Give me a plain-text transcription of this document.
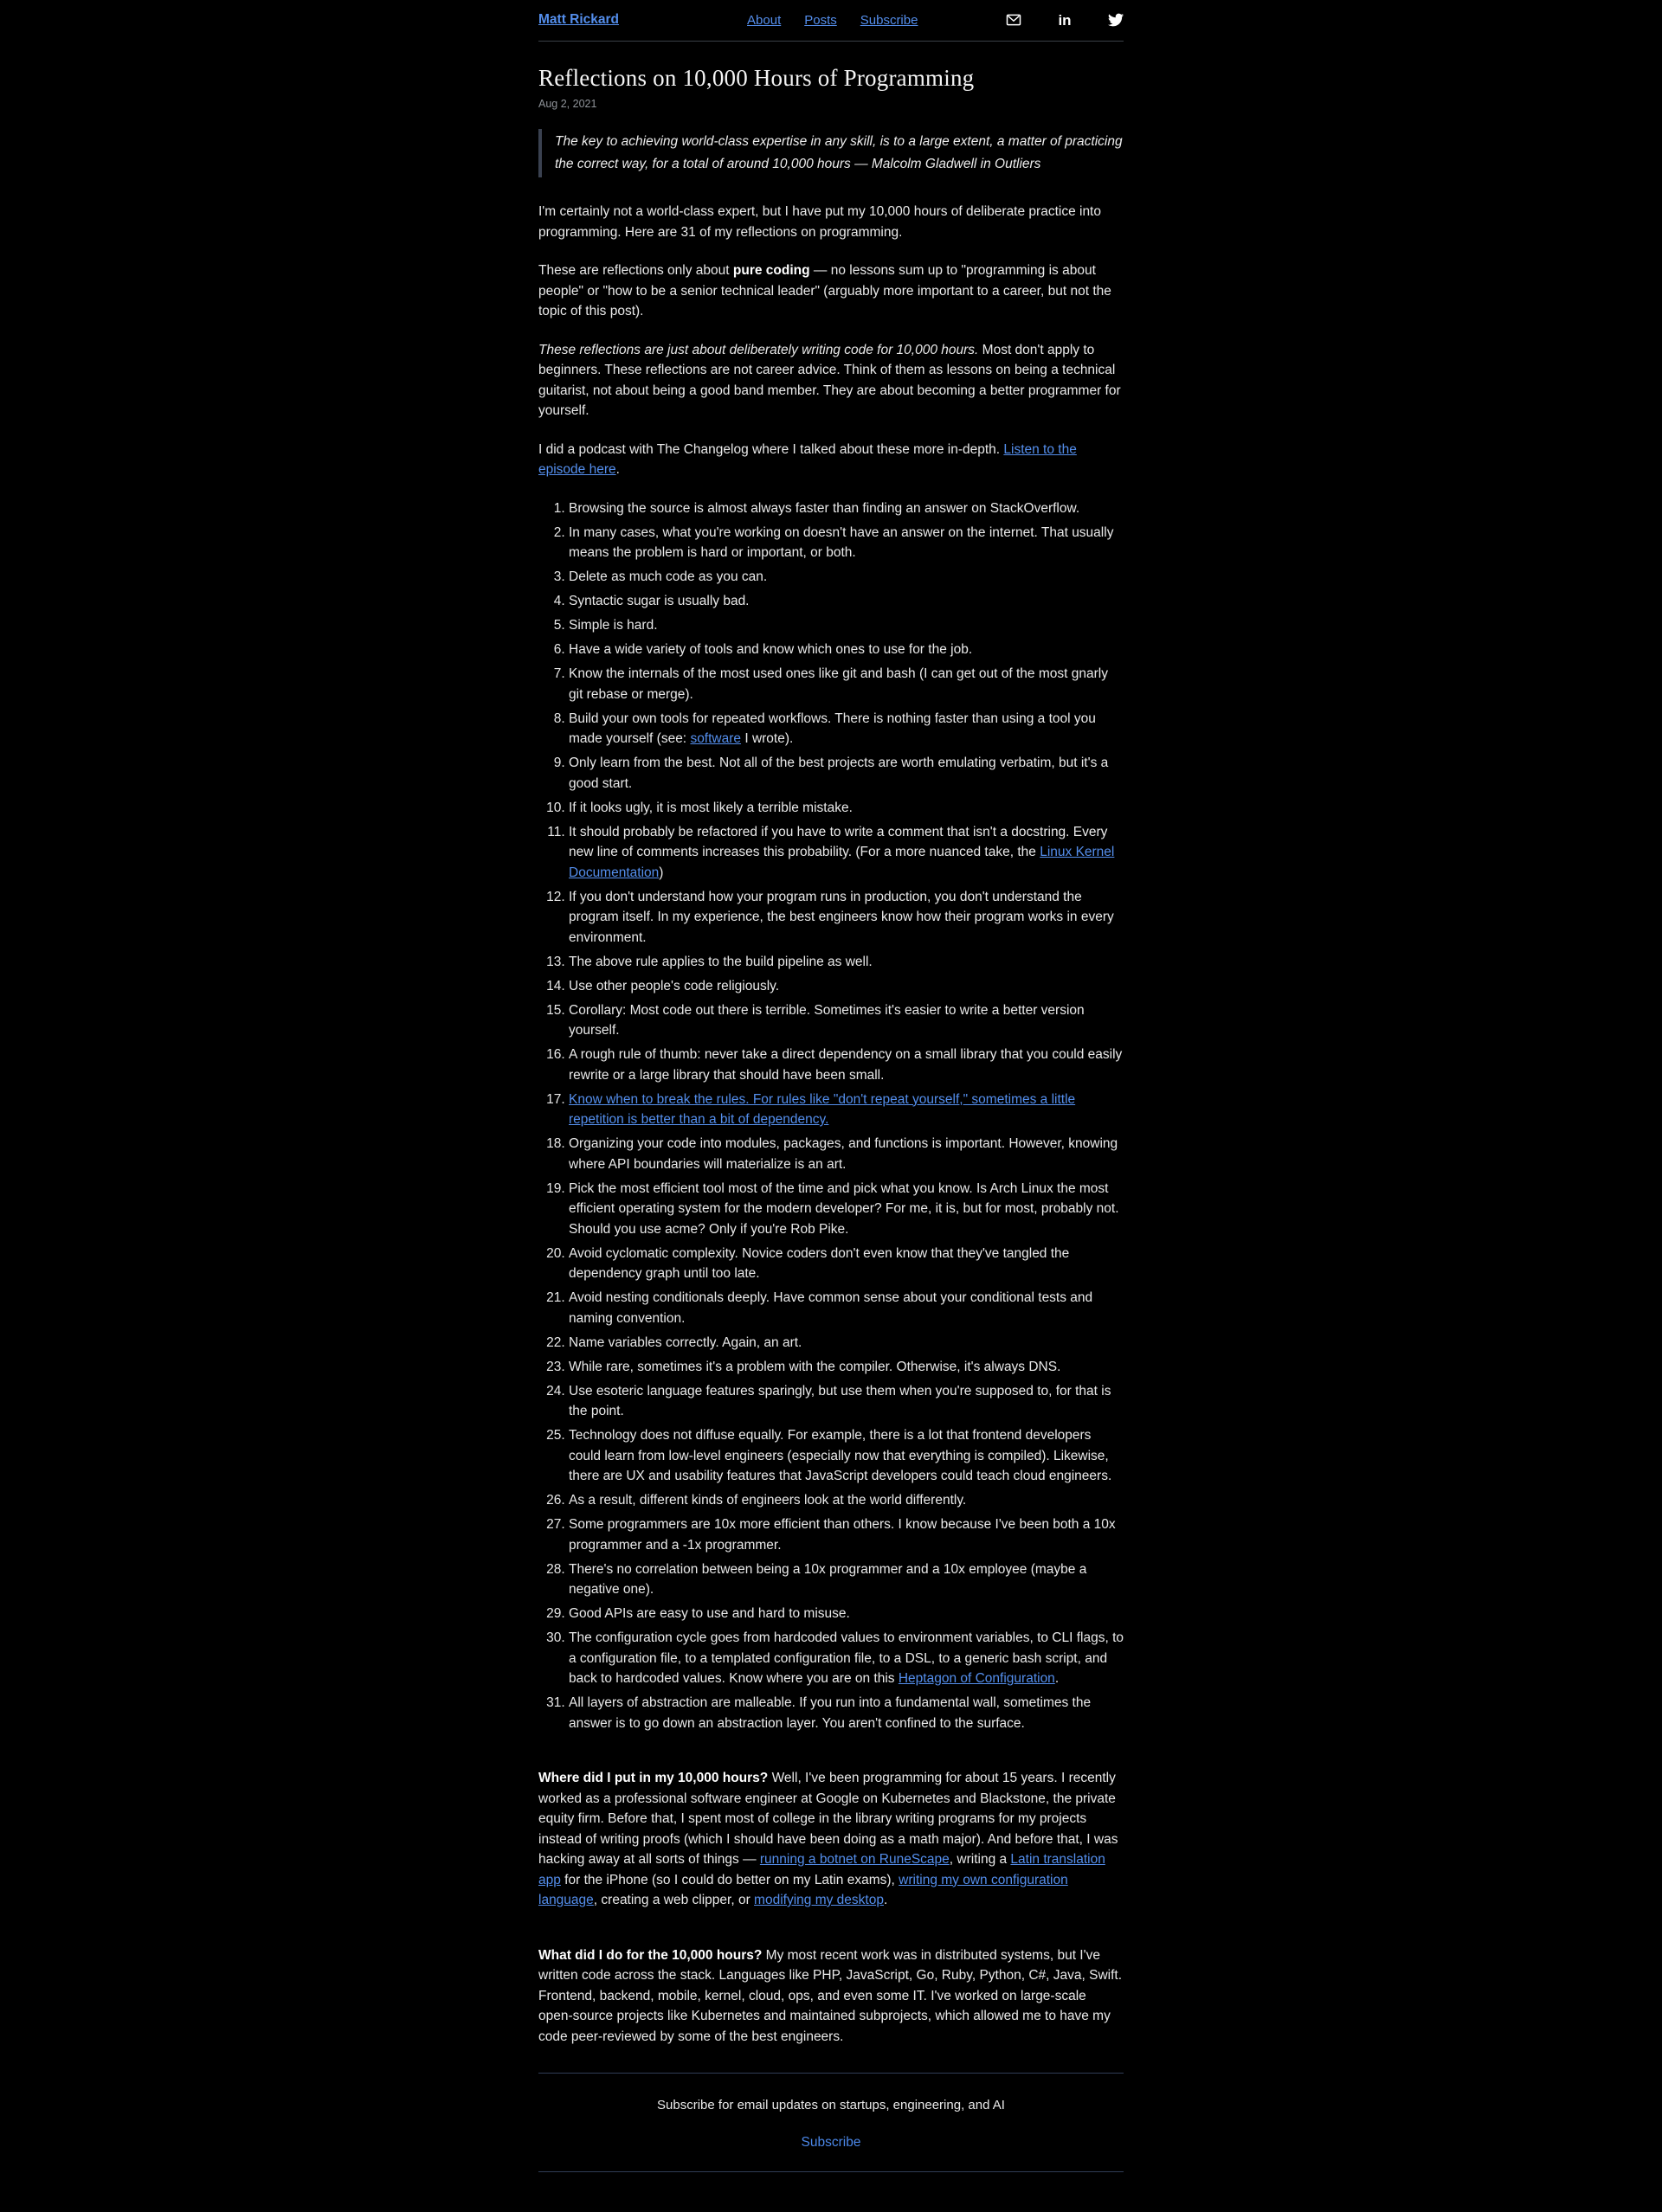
Matt Rickard	About Posts Subscribe	in
Reflections on 10,000 Hours of Programming
Aug 2, 2021
The key to achieving world-class expertise in any skill, is to a large extent, a matter of practicing the correct way, for a total of around 10,000 hours — Malcolm Gladwell in Outliers

I'm certainly not a world-class expert, but I have put my 10,000 hours of deliberate practice into programming. Here are 31 of my reflections on programming.

These are reflections only about pure coding — no lessons sum up to "programming is about people" or "how to be a senior technical leader" (arguably more important to a career, but not the topic of this post).

These reflections are just about deliberately writing code for 10,000 hours. Most don't apply to beginners. These reflections are not career advice. Think of them as lessons on being a technical guitarist, not about being a good band member. They are about becoming a better programmer for yourself.

I did a podcast with The Changelog where I talked about these more in-depth. Listen to the episode here.

1. Browsing the source is almost always faster than finding an answer on StackOverflow.
2. In many cases, what you're working on doesn't have an answer on the internet. That usually means the problem is hard or important, or both.
3. Delete as much code as you can.
4. Syntactic sugar is usually bad.
5. Simple is hard.
6. Have a wide variety of tools and know which ones to use for the job.
7. Know the internals of the most used ones like git and bash (I can get out of the most gnarly git rebase or merge).
8. Build your own tools for repeated workflows. There is nothing faster than using a tool you made yourself (see: software I wrote).
9. Only learn from the best. Not all of the best projects are worth emulating verbatim, but it's a good start.
10. If it looks ugly, it is most likely a terrible mistake.
11. It should probably be refactored if you have to write a comment that isn't a docstring. Every new line of comments increases this probability. (For a more nuanced take, the Linux Kernel Documentation)
12. If you don't understand how your program runs in production, you don't understand the program itself. In my experience, the best engineers know how their program works in every environment.
13. The above rule applies to the build pipeline as well.
14. Use other people's code religiously.
15. Corollary: Most code out there is terrible. Sometimes it's easier to write a better version yourself.
16. A rough rule of thumb: never take a direct dependency on a small library that you could easily rewrite or a large library that should have been small.
17. Know when to break the rules. For rules like "don't repeat yourself," sometimes a little repetition is better than a bit of dependency.
18. Organizing your code into modules, packages, and functions is important. However, knowing where API boundaries will materialize is an art.
19. Pick the most efficient tool most of the time and pick what you know. Is Arch Linux the most efficient operating system for the modern developer? For me, it is, but for most, probably not. Should you use acme? Only if you're Rob Pike.
20. Avoid cyclomatic complexity. Novice coders don't even know that they've tangled the dependency graph until too late.
21. Avoid nesting conditionals deeply. Have common sense about your conditional tests and naming convention.
22. Name variables correctly. Again, an art.
23. While rare, sometimes it's a problem with the compiler. Otherwise, it's always DNS.
24. Use esoteric language features sparingly, but use them when you're supposed to, for that is the point.
25. Technology does not diffuse equally. For example, there is a lot that frontend developers could learn from low-level engineers (especially now that everything is compiled). Likewise, there are UX and usability features that JavaScript developers could teach cloud engineers.
26. As a result, different kinds of engineers look at the world differently.
27. Some programmers are 10x more efficient than others. I know because I've been both a 10x programmer and a -1x programmer.
28. There's no correlation between being a 10x programmer and a 10x employee (maybe a negative one).
29. Good APIs are easy to use and hard to misuse.
30. The configuration cycle goes from hardcoded values to environment variables, to CLI flags, to a configuration file, to a templated configuration file, to a DSL, to a generic bash script, and back to hardcoded values. Know where you are on this Heptagon of Configuration.
31. All layers of abstraction are malleable. If you run into a fundamental wall, sometimes the answer is to go down an abstraction layer. You aren't confined to the surface.

Where did I put in my 10,000 hours? Well, I've been programming for about 15 years. I recently worked as a professional software engineer at Google on Kubernetes and Blackstone, the private equity firm. Before that, I spent most of college in the library writing programs for my projects instead of writing proofs (which I should have been doing as a math major). And before that, I was hacking away at all sorts of things — running a botnet on RuneScape, writing a Latin translation app for the iPhone (so I could do better on my Latin exams), writing my own configuration language, creating a web clipper, or modifying my desktop.

What did I do for the 10,000 hours? My most recent work was in distributed systems, but I've written code across the stack. Languages like PHP, JavaScript, Go, Ruby, Python, C#, Java, Swift. Frontend, backend, mobile, kernel, cloud, ops, and even some IT. I've worked on large-scale open-source projects like Kubernetes and maintained subprojects, which allowed me to have my code peer-reviewed by some of the best engineers.

Subscribe for email updates on startups, engineering, and AI

Subscribe
